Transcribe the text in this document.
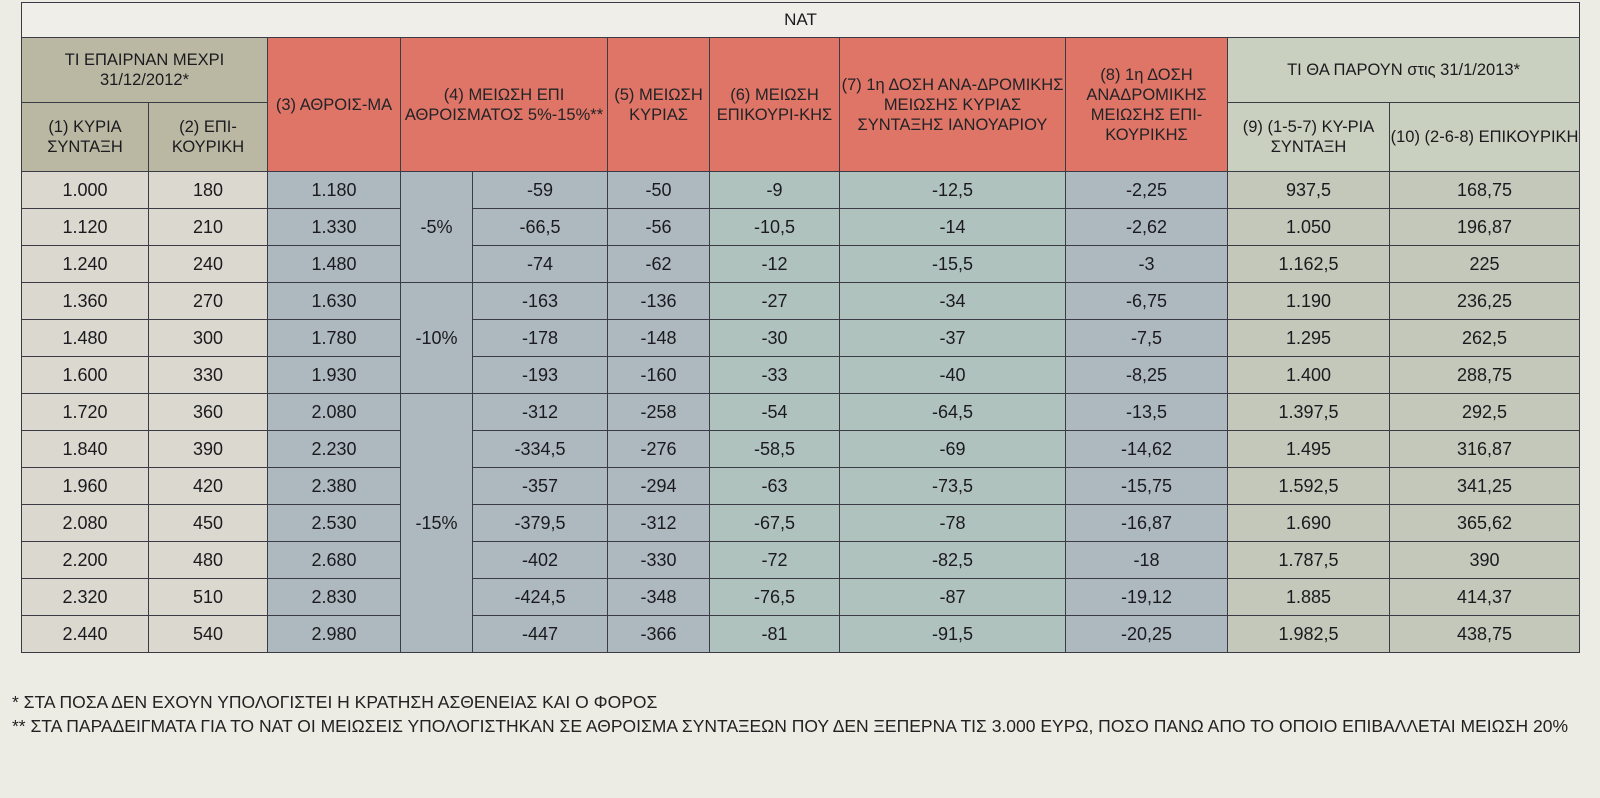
NAT										
ΤΙ ΕΠΑΙΡΝΑΝ ΜΕΧΡΙ 31/12/2012*		(3) ΑΘΡΟΙΣ-ΜΑ	(4) ΜΕΙΩΣΗ ΕΠΙ ΑΘΡΟΙΣΜΑΤΟΣ 5%-15%**		(5) ΜΕΙΩΣΗ ΚΥΡΙΑΣ	(6) ΜΕΙΩΣΗ ΕΠΙΚΟΥΡΙ-ΚΗΣ	(7) 1η ΔΟΣΗ ΑΝΑ-ΔΡΟΜΙΚΗΣ ΜΕΙΩΣΗΣ ΚΥΡΙΑΣ ΣΥΝΤΑΞΗΣ ΙΑΝΟΥΑΡΙΟΥ	(8) 1η ΔΟΣΗ ΑΝΑΔΡΟΜΙΚΗΣ ΜΕΙΩΣΗΣ ΕΠΙ-ΚΟΥΡΙΚΗΣ	ΤΙ ΘΑ ΠΑΡΟΥΝ στις 31/1/2013*	
(1) ΚΥΡΙΑ ΣΥΝΤΑΞΗ	(2) ΕΠΙ-ΚΟΥΡΙΚΗ								(9) (1-5-7) ΚΥ-ΡΙΑ ΣΥΝΤΑΞΗ	(10) (2-6-8) ΕΠΙΚΟΥΡΙΚΗ
1.000	180	1.180	-5%	-59	-50	-9	-12,5	-2,25	937,5	168,75
1.120	210	1.330		-66,5	-56	-10,5	-14	-2,62	1.050	196,87
1.240	240	1.480		-74	-62	-12	-15,5	-3	1.162,5	225
1.360	270	1.630	-10%	-163	-136	-27	-34	-6,75	1.190	236,25
1.480	300	1.780		-178	-148	-30	-37	-7,5	1.295	262,5
1.600	330	1.930		-193	-160	-33	-40	-8,25	1.400	288,75
1.720	360	2.080	-15%	-312	-258	-54	-64,5	-13,5	1.397,5	292,5
1.840	390	2.230		-334,5	-276	-58,5	-69	-14,62	1.495	316,87
1.960	420	2.380		-357	-294	-63	-73,5	-15,75	1.592,5	341,25
2.080	450	2.530		-379,5	-312	-67,5	-78	-16,87	1.690	365,62
2.200	480	2.680		-402	-330	-72	-82,5	-18	1.787,5	390
2.320	510	2.830		-424,5	-348	-76,5	-87	-19,12	1.885	414,37
2.440	540	2.980		-447	-366	-81	-91,5	-20,25	1.982,5	438,75
* ΣΤΑ ΠΟΣΑ ΔΕΝ ΕΧΟΥΝ ΥΠΟΛΟΓΙΣΤΕΙ Η ΚΡΑΤΗΣΗ ΑΣΘΕΝΕΙΑΣ ΚΑΙ Ο ΦΟΡΟΣ
** ΣΤΑ ΠΑΡΑΔΕΙΓΜΑΤΑ ΓΙΑ ΤΟ ΝΑΤ ΟΙ ΜΕΙΩΣΕΙΣ ΥΠΟΛΟΓΙΣΤΗΚΑΝ ΣΕ ΑΘΡΟΙΣΜΑ ΣΥΝΤΑΞΕΩΝ ΠΟΥ ΔΕΝ ΞΕΠΕΡΝΑ ΤΙΣ 3.000 ΕΥΡΩ, ΠΟΣΟ ΠΑΝΩ ΑΠΟ ΤΟ ΟΠΟΙΟ ΕΠΙΒΑΛΛΕΤΑΙ ΜΕΙΩΣΗ 20%
